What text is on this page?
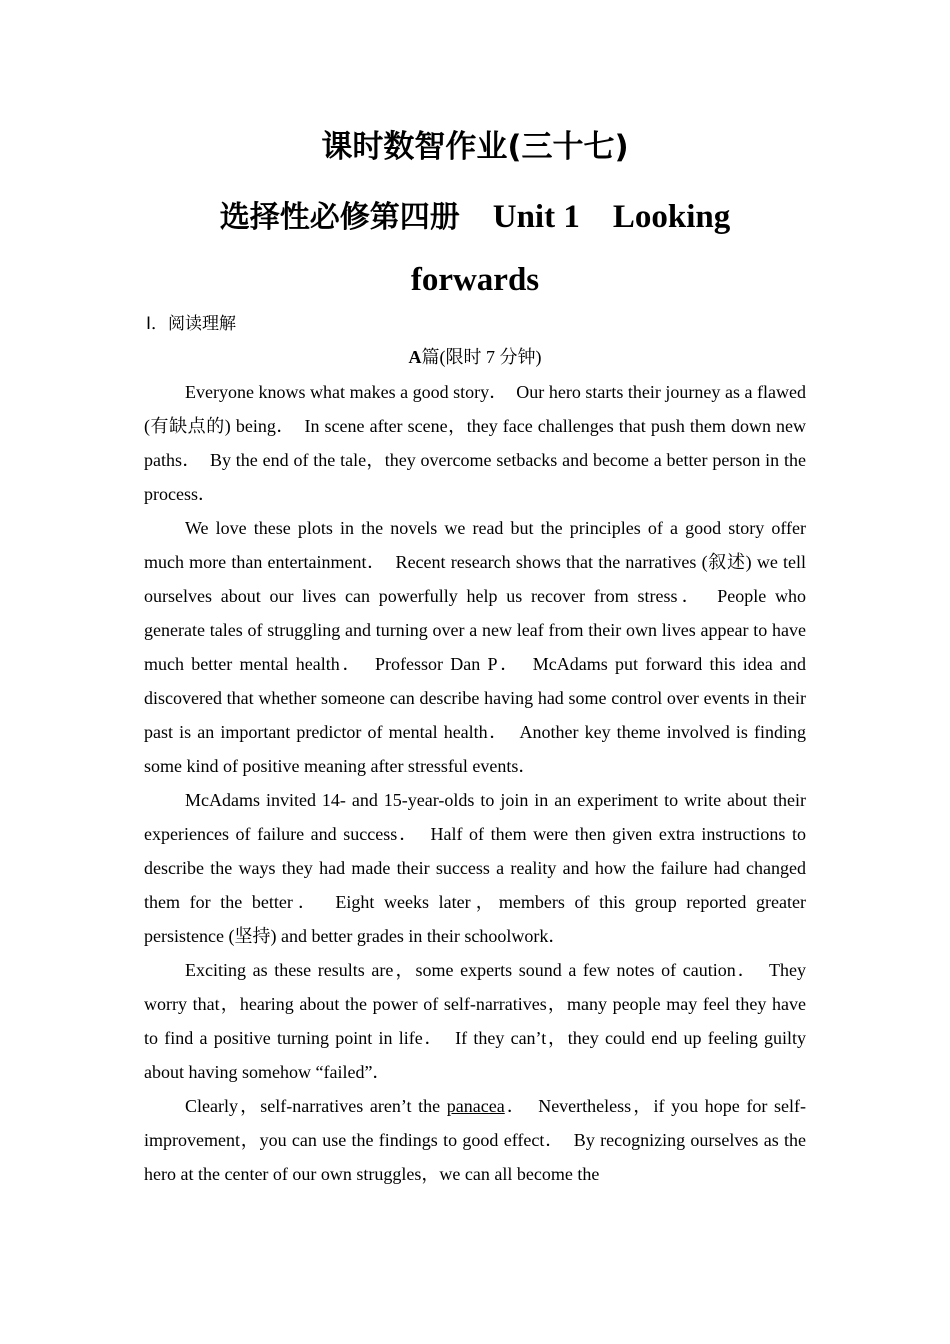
课时数智作业(三十七)
选择性必修第四册　 Unit 1　 Looking forwards
Ⅰ．阅读理解
A篇(限时 7 分钟)

Everyone knows what makes a good story．　Our hero starts their journey as a flawed (有缺点的) being．　In scene after scene，they face challenges that push them down new paths．　By the end of the tale，they overcome setbacks and become a better person in the process．

We love these plots in the novels we read but the principles of a good story offer much more than entertainment．　Recent research shows that the narratives (叙述) we tell ourselves about our lives can powerfully help us recover from stress．　People who generate tales of struggling and turning over a new leaf from their own lives appear to have much better mental health．　Professor Dan P．　McAdams put forward this idea and discovered that whether someone can describe having had some control over events in their past is an important predictor of mental health．　Another key theme involved is finding some kind of positive meaning after stressful events．

McAdams invited 14- and 15-year-olds to join in an experiment to write about their experiences of failure and success．　Half of them were then given extra instructions to describe the ways they had made their success a reality and how the failure had changed them for the better．　Eight weeks later，members of this group reported greater persistence (坚持) and better grades in their schoolwork．

Exciting as these results are，some experts sound a few notes of caution．　They worry that，hearing about the power of self-narratives，many people may feel they have to find a positive turning point in life．　If they can’t，they could end up feeling guilty about having somehow “failed”．

Clearly，self-narratives aren’t the panacea．　Nevertheless，if you hope for self-improvement，you can use the findings to good effect．　By recognizing ourselves as the hero at the center of our own struggles，we can all become the
